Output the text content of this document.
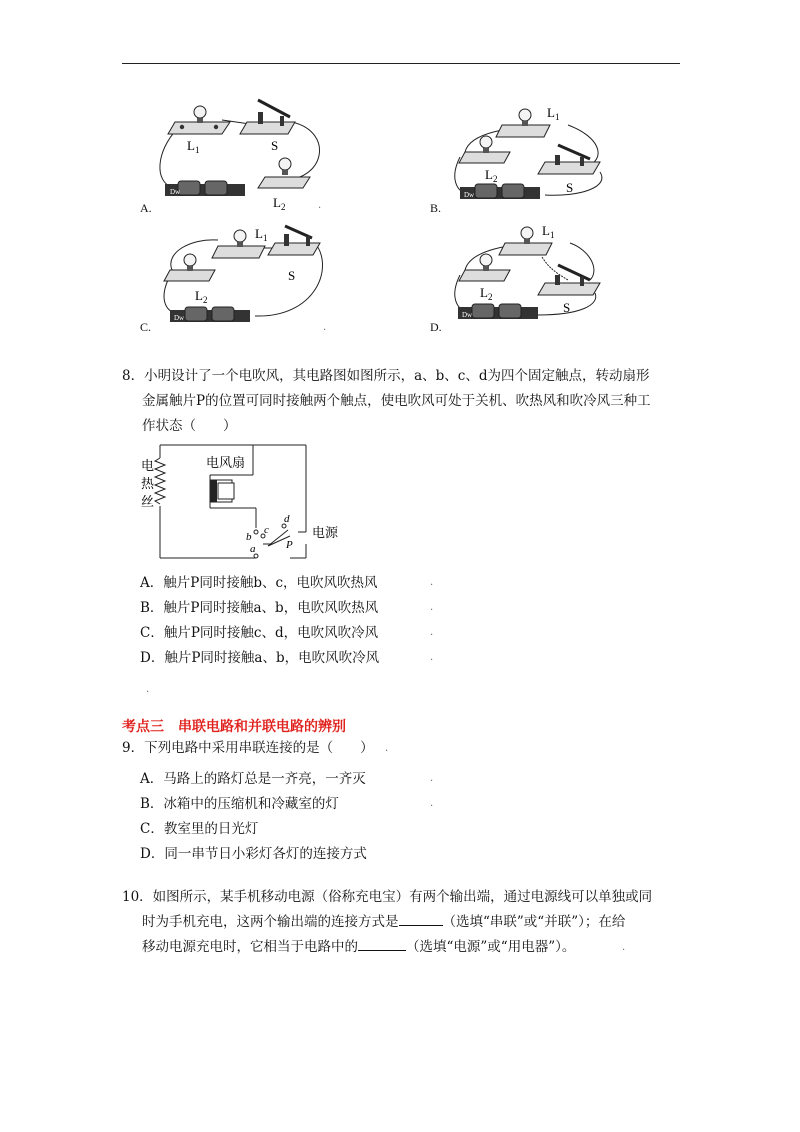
Dw
$L_1$	S
$L_2$
A.	.
Dw
$L_1$
$L_2$
S
B.
Dw
$L_1$
S
$L_2$
C.	.
Dw
$L_1$
$L_2$
S
D.
8．小明设计了一个电吹风，其电路图如图所示，a、b、c、d为四个固定触点，转动扇形
金属触片P的位置可同时接触两个触点，使电吹风可处于关机、吹热风和吹冷风三种工
作状态（　　）
电
热
丝
电风扇
电源
a
b
c
d
P
A．触片P同时接触b、c，电吹风吹热风
B．触片P同时接触a、b，电吹风吹热风
C．触片P同时接触c、d，电吹风吹冷风
D．触片P同时接触a、b，电吹风吹冷风
.
.
.
.
.
考点三 串联电路和并联电路的辨别
9．下列电路中采用串联连接的是（　　）
A．马路上的路灯总是一齐亮，一齐灭
B．冰箱中的压缩机和冷藏室的灯
C．教室里的日光灯
D．同一串节日小彩灯各灯的连接方式
.
.
.
10．如图所示，某手机移动电源（俗称充电宝）有两个输出端，通过电源线可以单独或同
时为手机充电，这两个输出端的连接方式是	（选填“串联”或“并联”）；在给
移动电源充电时，它相当于电路中的	（选填“电源”或“用电器”）。	.
